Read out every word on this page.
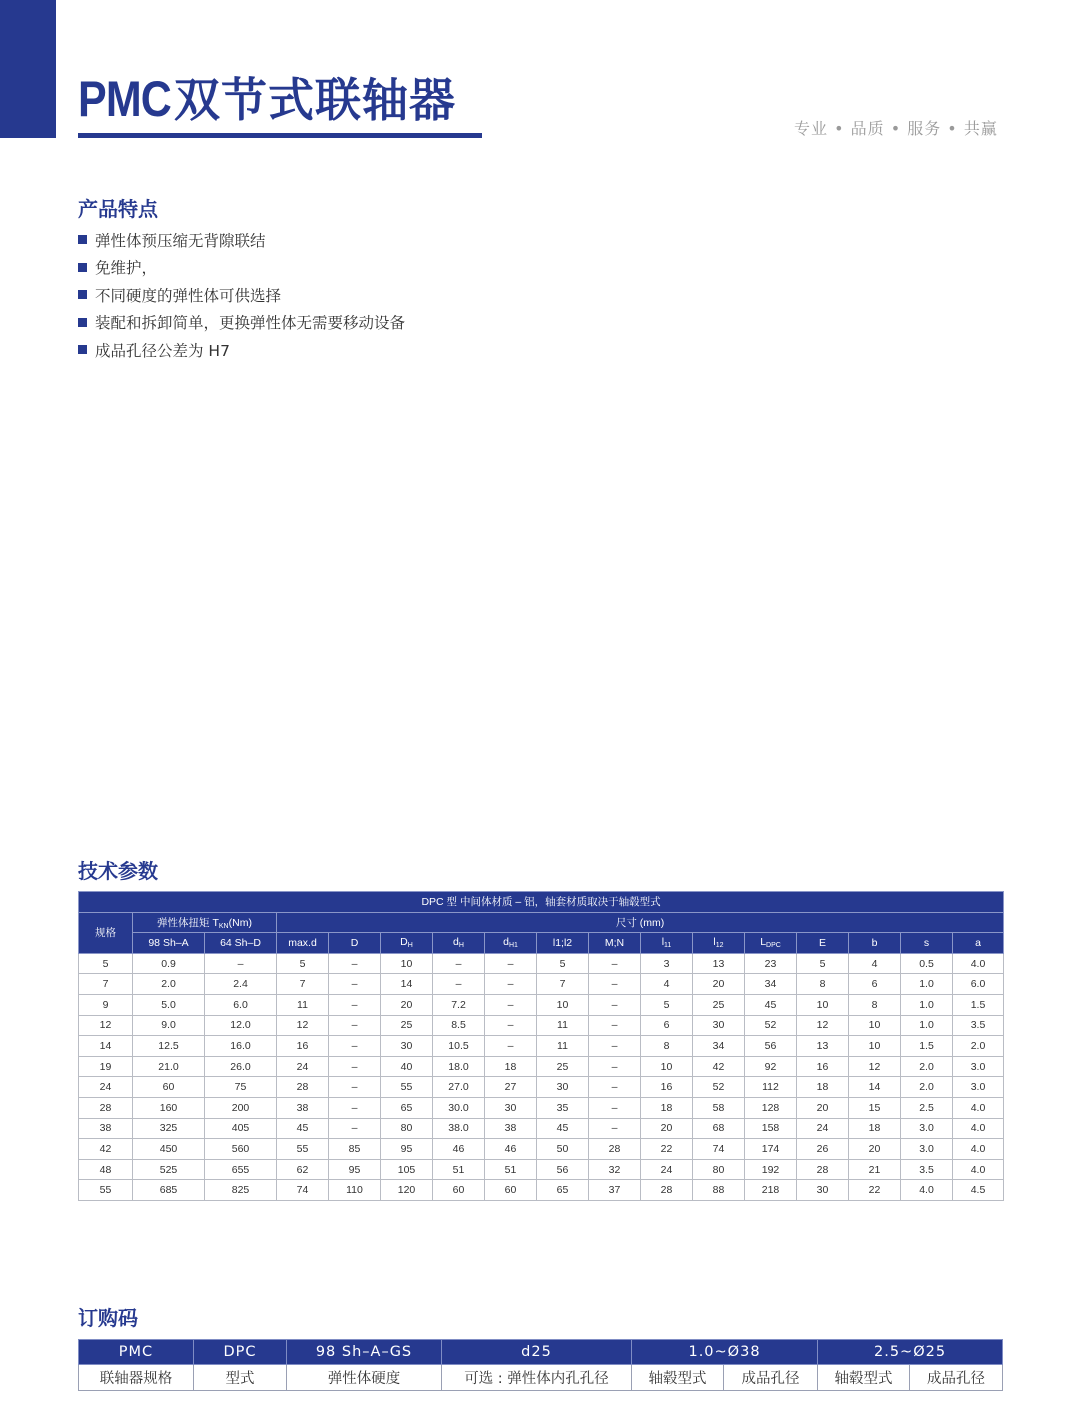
PMC 双节式联轴器
专业 • 品质 • 服务 • 共赢
产品特点
弹性体预压缩无背隙联结
免维护，
不同硬度的弹性体可供选择
装配和拆卸简单，更换弹性体无需要移动设备
成品孔径公差为 H7
技术参数
DPC 型 中间体材质 – 铝，轴套材质取决于轴毂型式																
规格	弹性体扭矩 $T_{KN}(Nm)$		尺寸 (mm)													
	98 Sh–A	64 Sh–D	max.d	D	$D_H$	$d_H$	$d_{H1}$	l1;l2	M;N	$l_{11}$	$l_{12}$	$L_{DPC}$	E	b	s	a
5	0.9	–	5	–	10	–	–	5	–	3	13	23	5	4	0.5	4.0
7	2.0	2.4	7	–	14	–	–	7	–	4	20	34	8	6	1.0	6.0
9	5.0	6.0	11	–	20	7.2	–	10	–	5	25	45	10	8	1.0	1.5
12	9.0	12.0	12	–	25	8.5	–	11	–	6	30	52	12	10	1.0	3.5
14	12.5	16.0	16	–	30	10.5	–	11	–	8	34	56	13	10	1.5	2.0
19	21.0	26.0	24	–	40	18.0	18	25	–	10	42	92	16	12	2.0	3.0
24	60	75	28	–	55	27.0	27	30	–	16	52	112	18	14	2.0	3.0
28	160	200	38	–	65	30.0	30	35	–	18	58	128	20	15	2.5	4.0
38	325	405	45	–	80	38.0	38	45	–	20	68	158	24	18	3.0	4.0
42	450	560	55	85	95	46	46	50	28	22	74	174	26	20	3.0	4.0
48	525	655	62	95	105	51	51	56	32	24	80	192	28	21	3.5	4.0
55	685	825	74	110	120	60	60	65	37	28	88	218	30	22	4.0	4.5
订购码
PMC	DPC	98 Sh–A–GS	d25	1.0~Ø38		2.5~Ø25	
联轴器规格	型式	弹性体硬度	可选 : 弹性体内孔孔径	轴毂型式	成品孔径	轴毂型式	成品孔径
